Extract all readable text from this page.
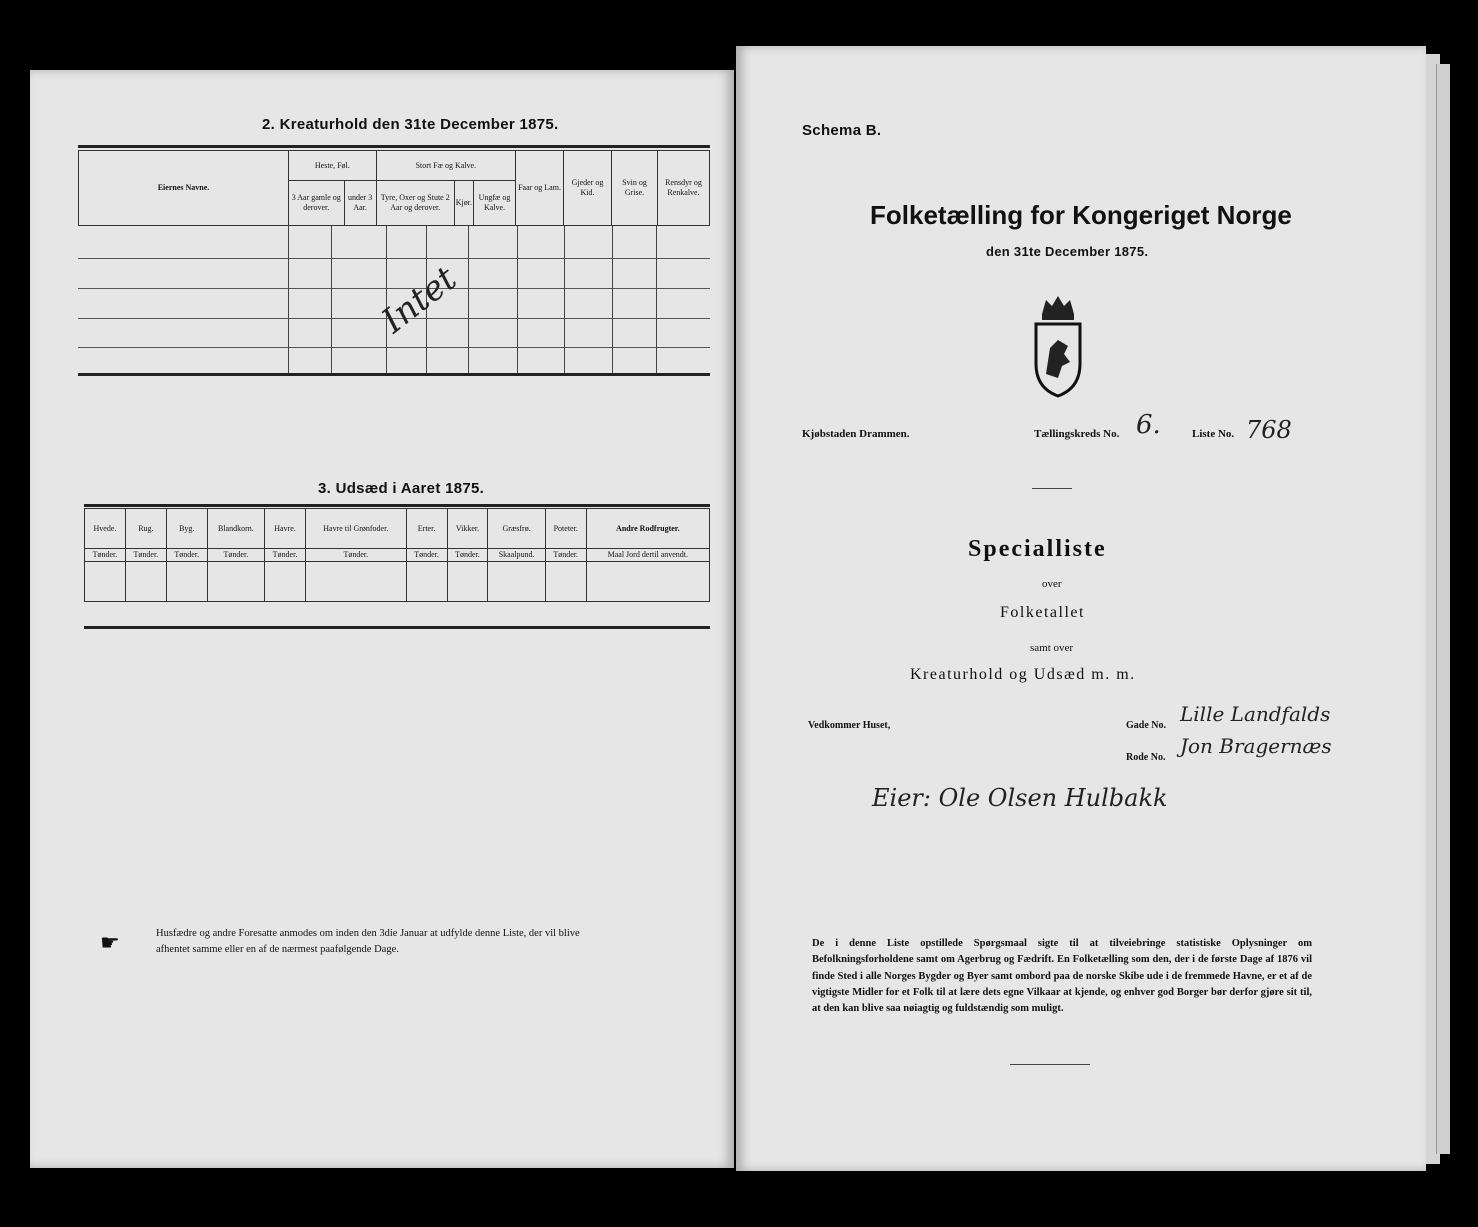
2. Kreaturhold den 31te December 1875.
Eiernes Navne.	Heste, Føl.		Stort Fæ og Kalve.			Faar og Lam.	Gjeder og Kid.	Svin og Grise.	Rensdyr og Renkalve.
	3 Aar gamle og derover.	under 3 Aar.	Tyre, Oxer og Stute 2 Aar og derover.	Kjør.	Ungfæ og Kalve.				
Intet
3. Udsæd i Aaret 1875.
Hvede.	Rug.	Byg.	Blandkorn.	Havre.	Havre til Grønfoder.	Erter.	Vikker.	Græsfrø.	Poteter.	Andre Rodfrugter.
Tønder.	Tønder.	Tønder.	Tønder.	Tønder.	Tønder.	Tønder.	Tønder.	Skaalpund.	Tønder.	Maal Jord dertil anvendt.

☛	Husfædre og andre Foresatte anmodes om inden den 3die Januar at udfylde denne Liste, der vil blive
afhentet samme eller en af de nærmest paafølgende Dage.
Schema B.
Folketælling for Kongeriget Norge
den 31te December 1875.
Kjøbstaden Drammen.	Tællingskreds No. 6.	Liste No. 768
Specialliste
over
Folketallet
samt over
Kreaturhold og Udsæd m. m.
Vedkommer Huset,	Gade No. Lille Landfalds
Rode No. Jon Bragernæs
Eier: Ole Olsen Hulbakk
De i denne Liste opstillede Spørgsmaal sigte til at tilveiebringe statistiske Oplysninger om Befolkningsforholdene samt om Agerbrug og Fædrift. En Folketælling som den, der i de første Dage af 1876 vil finde Sted i alle Norges Bygder og Byer samt ombord paa de norske Skibe ude i de fremmede Havne, er et af de vigtigste Midler for et Folk til at lære dets egne Vilkaar at kjende, og enhver god Borger bør derfor gjøre sit til, at den kan blive saa nøiagtig og fuldstændig som muligt.
